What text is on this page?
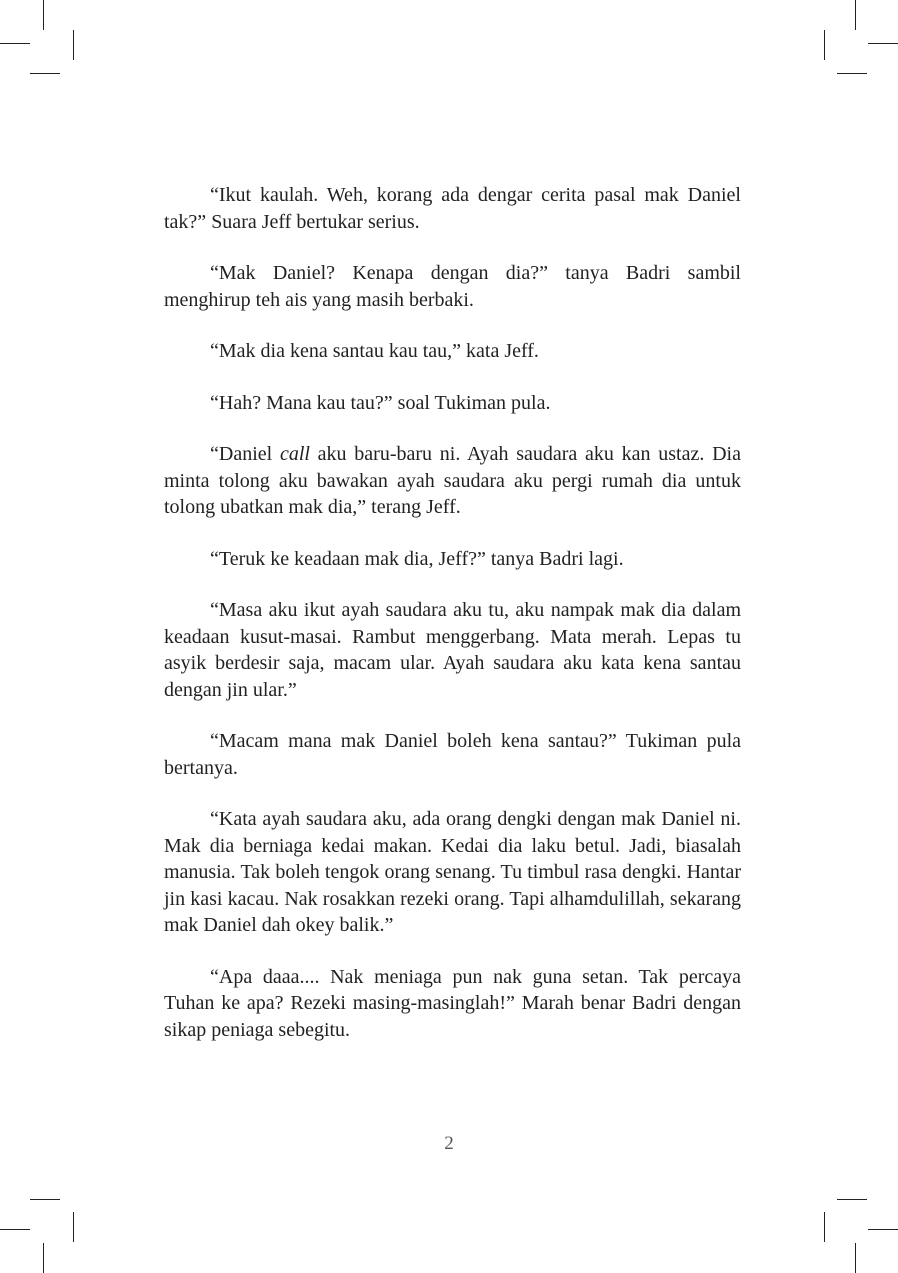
“Ikut kaulah. Weh, korang ada dengar cerita pasal mak Daniel tak?” Suara Jeff bertukar serius.

“Mak Daniel? Kenapa dengan dia?” tanya Badri sambil menghirup teh ais yang masih berbaki.

“Mak dia kena santau kau tau,” kata Jeff.

“Hah? Mana kau tau?” soal Tukiman pula.

“Daniel call aku baru-baru ni. Ayah saudara aku kan ustaz. Dia minta tolong aku bawakan ayah saudara aku pergi rumah dia untuk tolong ubatkan mak dia,” terang Jeff.

“Teruk ke keadaan mak dia, Jeff?” tanya Badri lagi.

“Masa aku ikut ayah saudara aku tu, aku nampak mak dia dalam keadaan kusut-masai. Rambut menggerbang. Mata merah. Lepas tu asyik berdesir saja, macam ular. Ayah saudara aku kata kena santau dengan jin ular.”

“Macam mana mak Daniel boleh kena santau?” Tukiman pula bertanya.

“Kata ayah saudara aku, ada orang dengki dengan mak Daniel ni. Mak dia berniaga kedai makan. Kedai dia laku betul. Jadi, biasalah manusia. Tak boleh tengok orang senang. Tu timbul rasa dengki. Hantar jin kasi kacau. Nak rosakkan rezeki orang. Tapi alhamdulillah, sekarang mak Daniel dah okey balik.”

“Apa daaa.... Nak meniaga pun nak guna setan. Tak percaya Tuhan ke apa? Rezeki masing-masinglah!” Marah benar Badri dengan sikap peniaga sebegitu.

2
